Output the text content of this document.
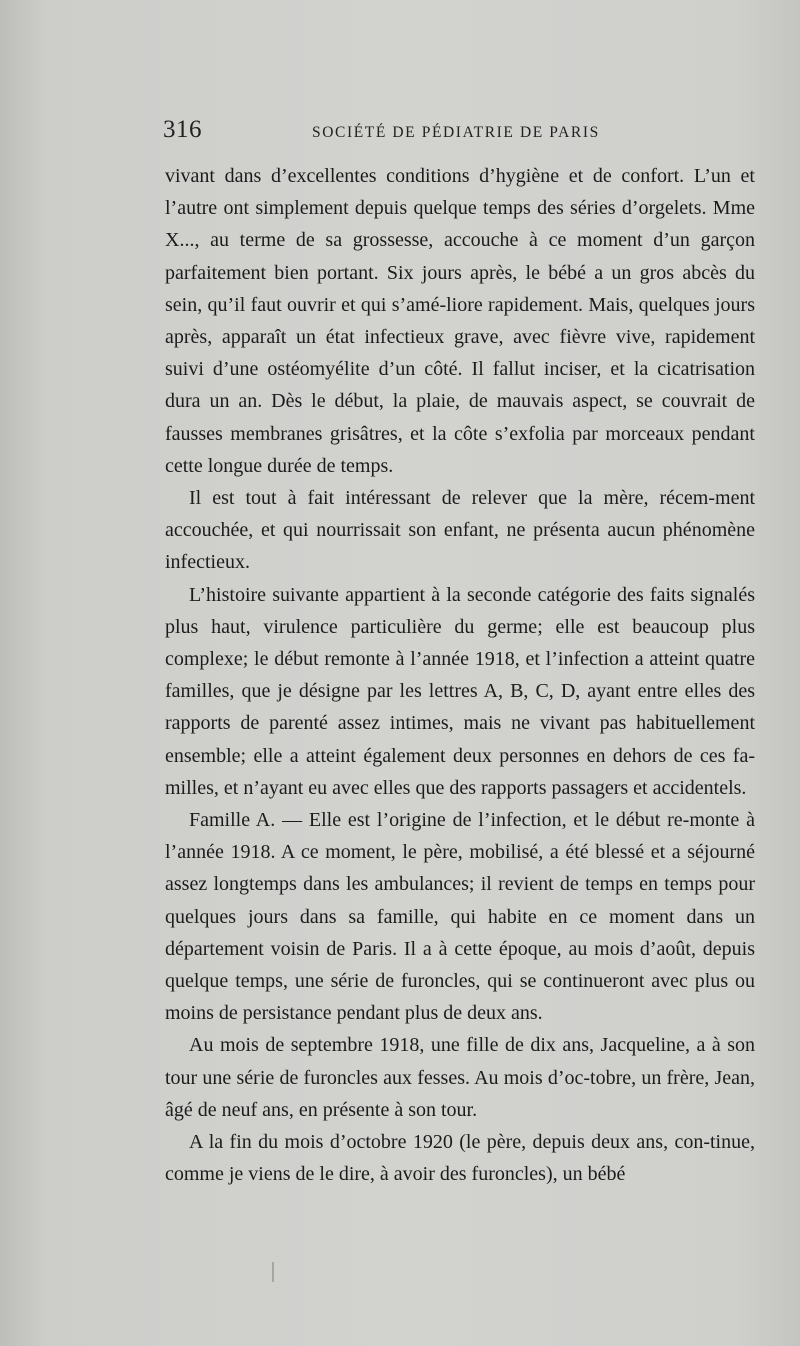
316	SOCIÉTÉ DE PÉDIATRIE DE PARIS

vivant dans d’excellentes conditions d’hygiène et de confort. L’un et l’autre ont simplement depuis quelque temps des séries d’orgelets. Mme X..., au terme de sa grossesse, accouche à ce moment d’un garçon parfaitement bien portant. Six jours après, le bébé a un gros abcès du sein, qu’il faut ouvrir et qui s’amé-liore rapidement. Mais, quelques jours après, apparaît un état infectieux grave, avec fièvre vive, rapidement suivi d’une ostéomyélite d’un côté. Il fallut inciser, et la cicatrisation dura un an. Dès le début, la plaie, de mauvais aspect, se couvrait de fausses membranes grisâtres, et la côte s’exfolia par morceaux pendant cette longue durée de temps.

Il est tout à fait intéressant de relever que la mère, récem-ment accouchée, et qui nourrissait son enfant, ne présenta aucun phénomène infectieux.

L’histoire suivante appartient à la seconde catégorie des faits signalés plus haut, virulence particulière du germe; elle est beaucoup plus complexe; le début remonte à l’année 1918, et l’infection a atteint quatre familles, que je désigne par les lettres A, B, C, D, ayant entre elles des rapports de parenté assez intimes, mais ne vivant pas habituellement ensemble; elle a atteint également deux personnes en dehors de ces fa-milles, et n’ayant eu avec elles que des rapports passagers et accidentels.

Famille A. — Elle est l’origine de l’infection, et le début re-monte à l’année 1918. A ce moment, le père, mobilisé, a été blessé et a séjourné assez longtemps dans les ambulances; il revient de temps en temps pour quelques jours dans sa famille, qui habite en ce moment dans un département voisin de Paris. Il a à cette époque, au mois d’août, depuis quelque temps, une série de furoncles, qui se continueront avec plus ou moins de persistance pendant plus de deux ans.

Au mois de septembre 1918, une fille de dix ans, Jacqueline, a à son tour une série de furoncles aux fesses. Au mois d’oc-tobre, un frère, Jean, âgé de neuf ans, en présente à son tour.

A la fin du mois d’octobre 1920 (le père, depuis deux ans, con-tinue, comme je viens de le dire, à avoir des furoncles), un bébé
